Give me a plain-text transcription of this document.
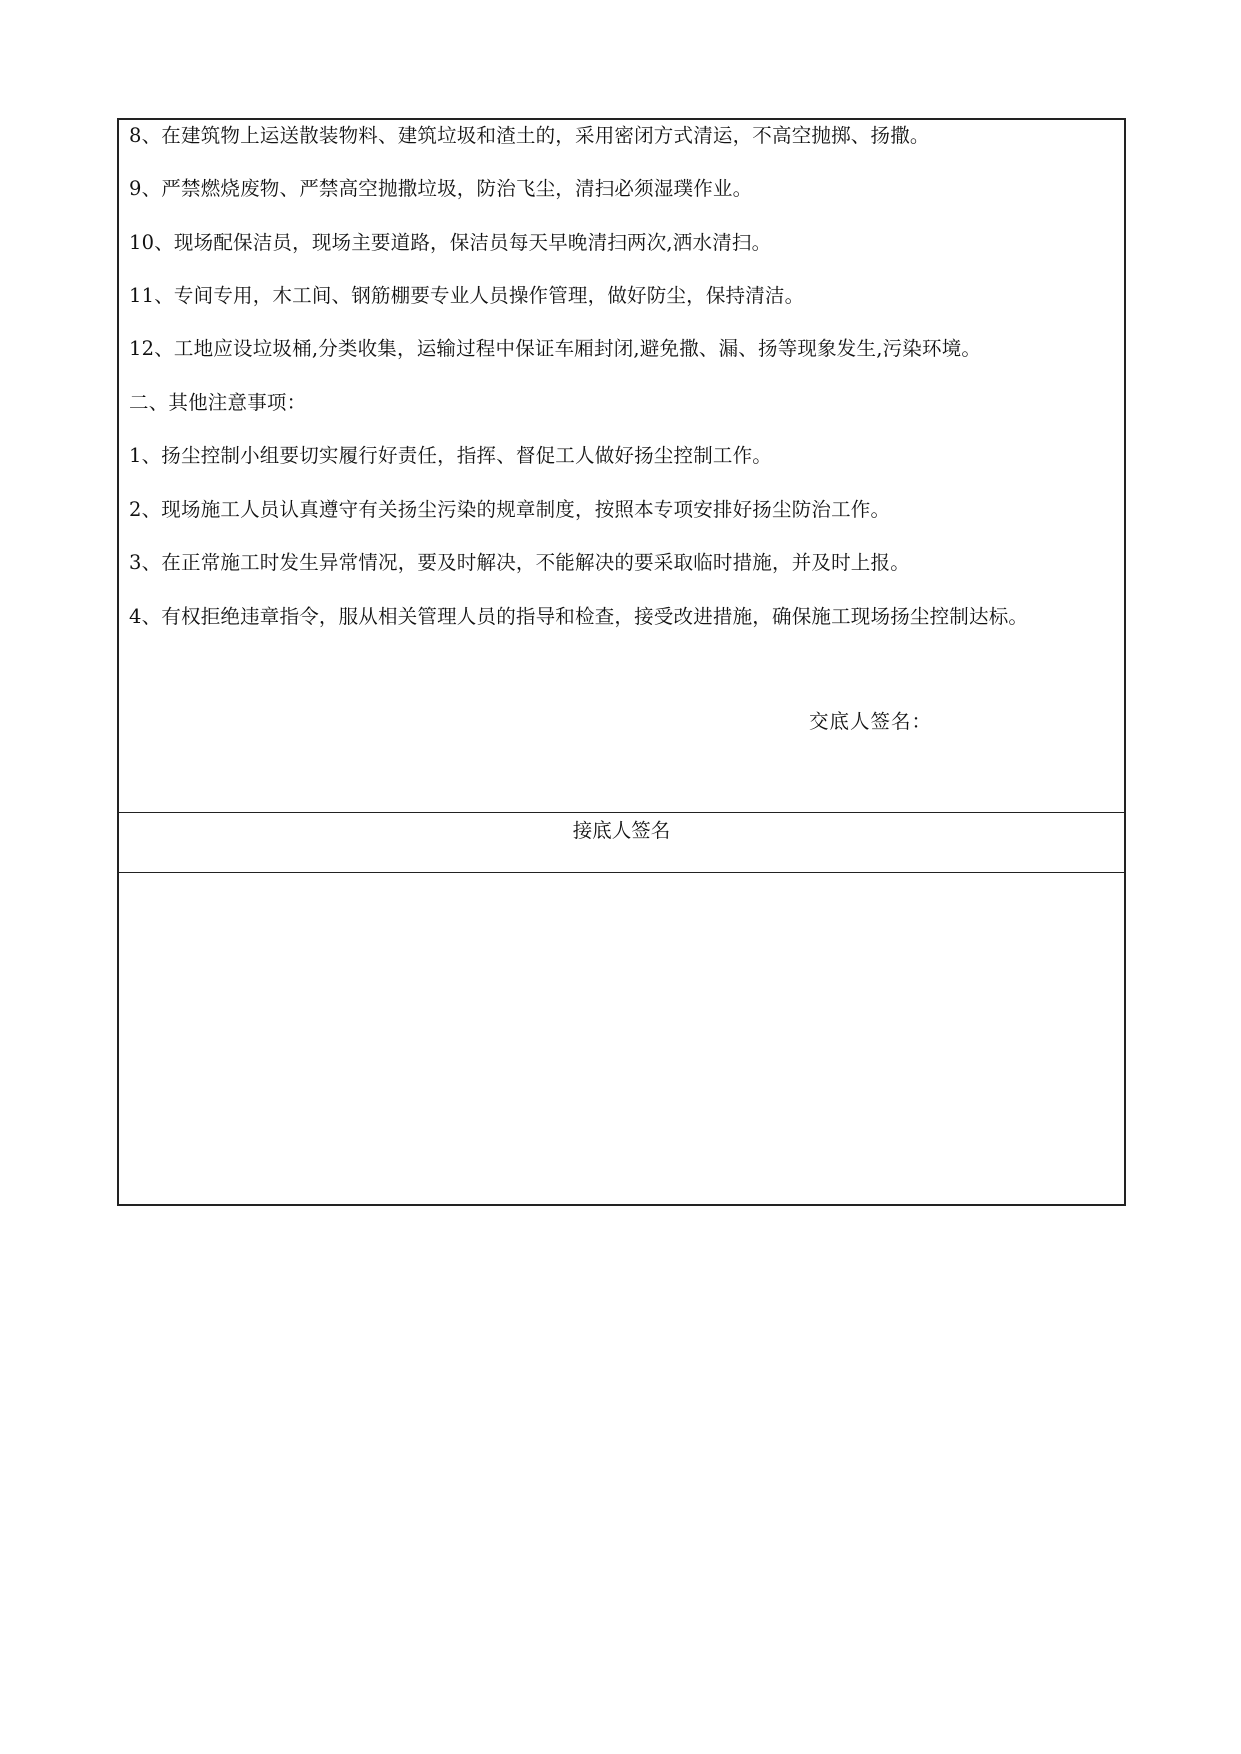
8、在建筑物上运送散装物料、建筑垃圾和渣土的，采用密闭方式清运，不高空抛掷、扬撒。
9、严禁燃烧废物、严禁高空抛撒垃圾，防治飞尘，清扫必须湿璞作业。
10、现场配保洁员，现场主要道路，保洁员每天早晚清扫两次,洒水清扫。
11、专间专用，木工间、钢筋棚要专业人员操作管理，做好防尘，保持清洁。
12、工地应设垃圾桶,分类收集，运输过程中保证车厢封闭,避免撒、漏、扬等现象发生,污染环境。
二、其他注意事项：
1、扬尘控制小组要切实履行好责任，指挥、督促工人做好扬尘控制工作。
2、现场施工人员认真遵守有关扬尘污染的规章制度，按照本专项安排好扬尘防治工作。
3、在正常施工时发生异常情况，要及时解决，不能解决的要采取临时措施，并及时上报。
4、有权拒绝违章指令，服从相关管理人员的指导和检查，接受改进措施，确保施工现场扬尘控制达标。
交底人签名：
接底人签名
